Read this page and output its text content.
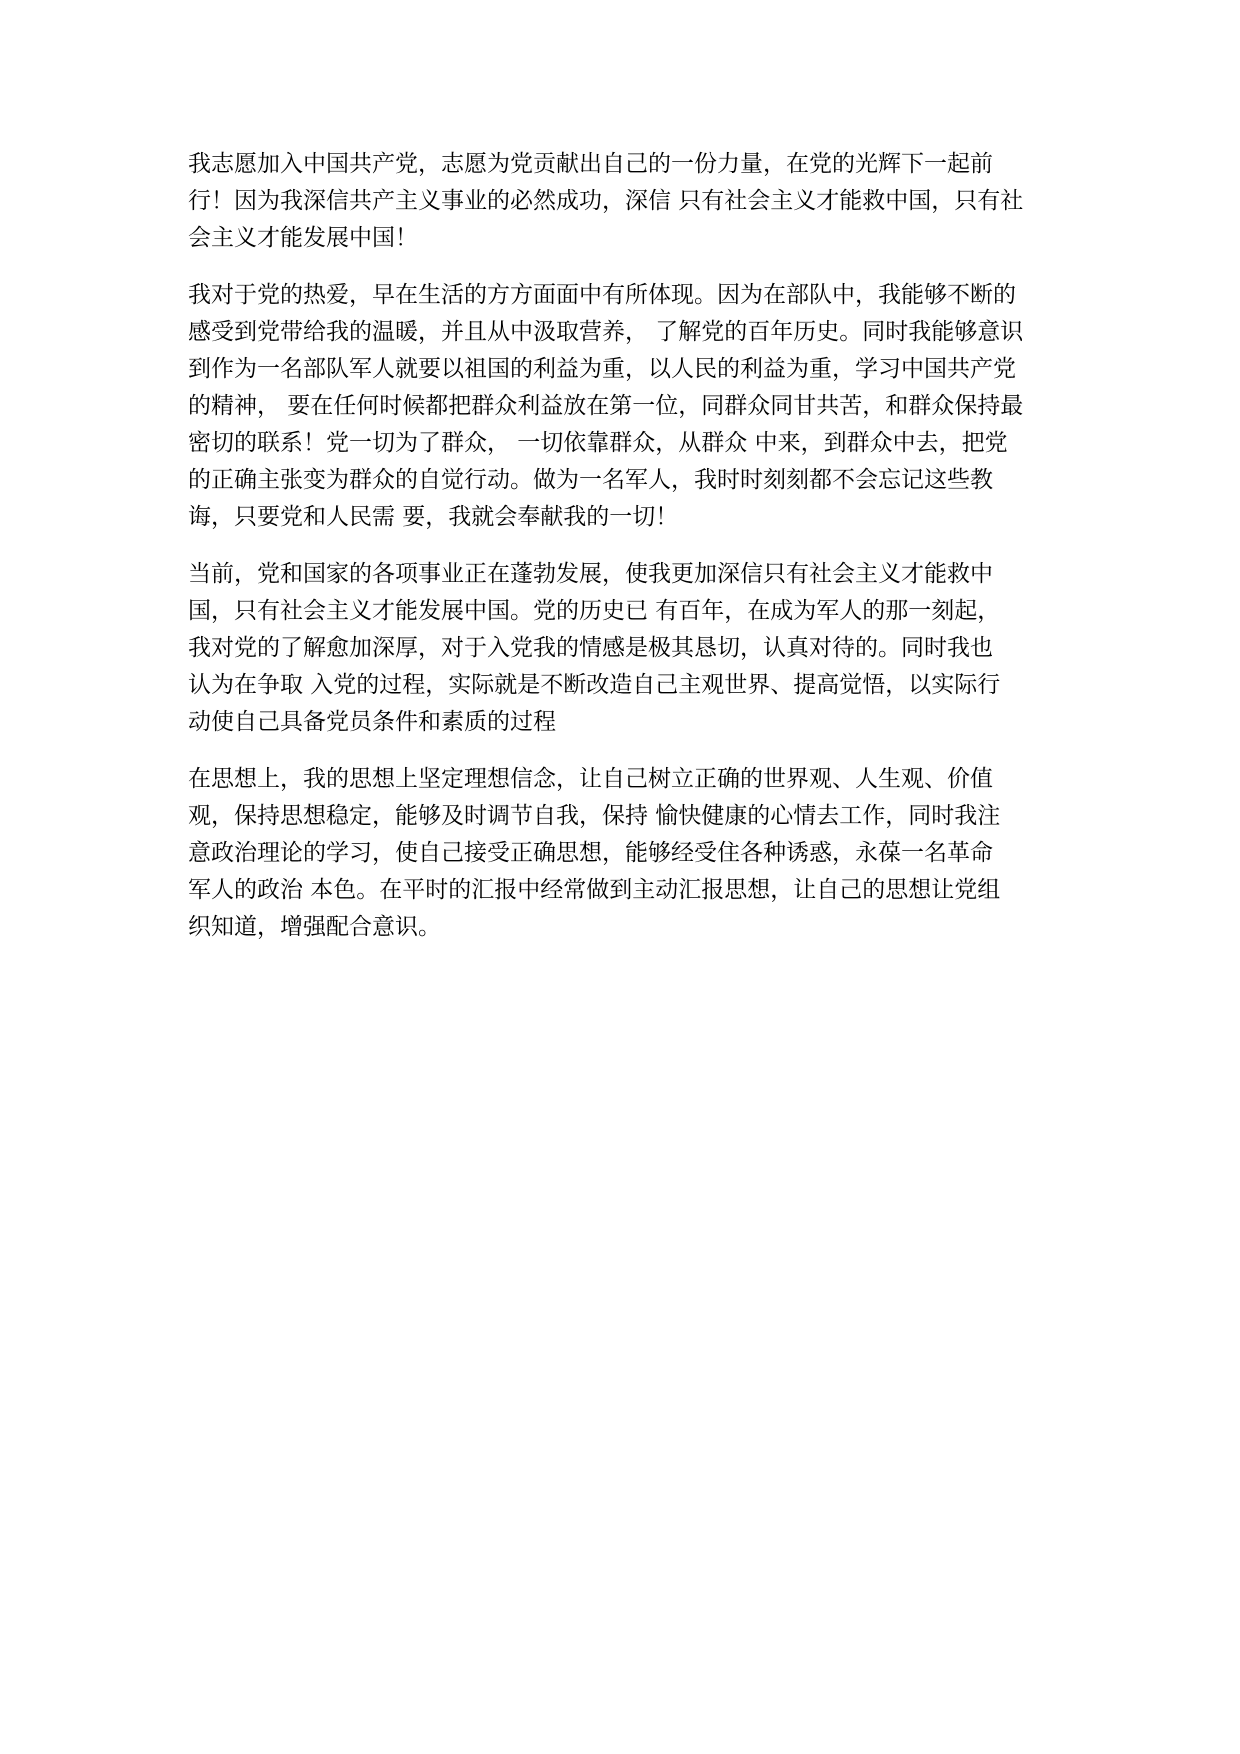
我志愿加入中国共产党，志愿为党贡献出自己的一份力量，在党的光辉下一起前
行！因为我深信共产主义事业的必然成功，深信 只有社会主义才能救中国，只有社
会主义才能发展中国！

我对于党的热爱，早在生活的方方面面中有所体现。因为在部队中，我能够不断的
感受到党带给我的温暖，并且从中汲取营养， 了解党的百年历史。同时我能够意识
到作为一名部队军人就要以祖国的利益为重，以人民的利益为重，学习中国共产党
的精神， 要在任何时候都把群众利益放在第一位，同群众同甘共苦，和群众保持最
密切的联系！党一切为了群众， 一切依靠群众，从群众 中来，到群众中去，把党
的正确主张变为群众的自觉行动。做为一名军人，我时时刻刻都不会忘记这些教
诲，只要党和人民需 要，我就会奉献我的一切！

当前，党和国家的各项事业正在蓬勃发展，使我更加深信只有社会主义才能救中
国，只有社会主义才能发展中国。党的历史已 有百年，在成为军人的那一刻起，
我对党的了解愈加深厚，对于入党我的情感是极其恳切，认真对待的。同时我也
认为在争取 入党的过程，实际就是不断改造自己主观世界、提高觉悟，以实际行
动使自己具备党员条件和素质的过程

在思想上，我的思想上坚定理想信念，让自己树立正确的世界观、人生观、价值
观，保持思想稳定，能够及时调节自我，保持 愉快健康的心情去工作，同时我注
意政治理论的学习，使自己接受正确思想，能够经受住各种诱惑，永葆一名革命
军人的政治 本色。在平时的汇报中经常做到主动汇报思想，让自己的思想让党组
织知道，增强配合意识。
